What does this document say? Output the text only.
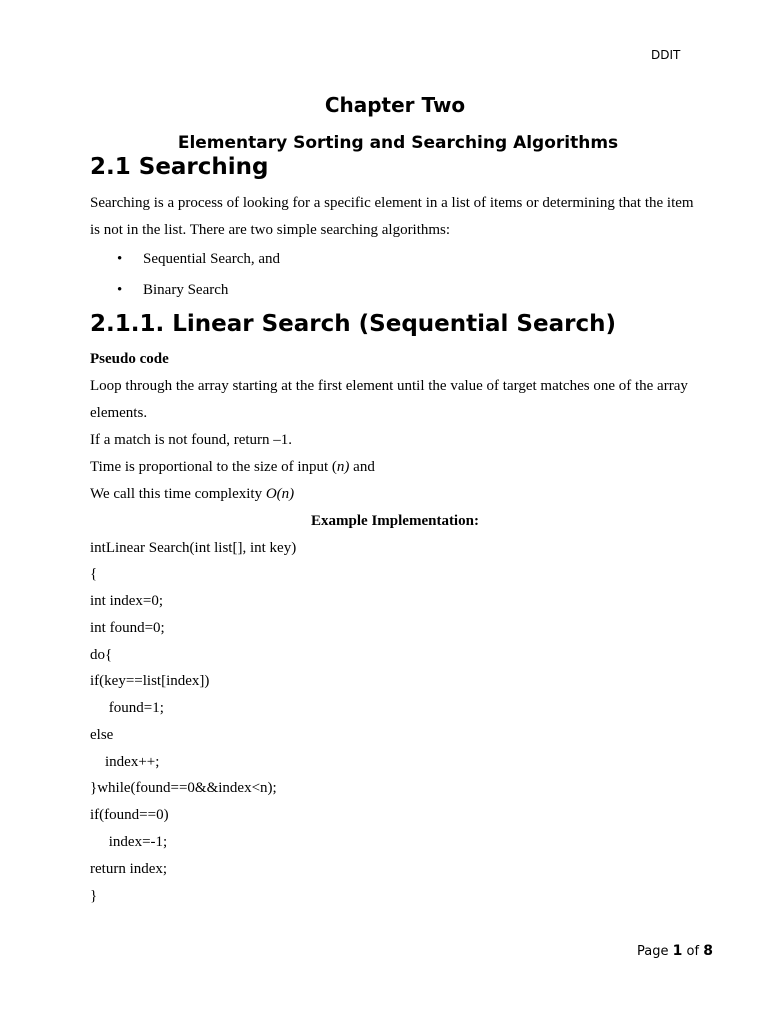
DDIT
Chapter Two
Elementary Sorting and Searching Algorithms
2.1 Searching
Searching is a process of looking for a specific element in a list of items or determining that the item
is not in the list. There are two simple searching algorithms:
• Sequential Search, and
• Binary Search
2.1.1. Linear Search (Sequential Search)
Pseudo code
Loop through the array starting at the first element until the value of target matches one of the array
elements.
If a match is not found, return –1.
Time is proportional to the size of input (n) and
We call this time complexity O(n)
Example Implementation:
intLinear Search(int list[], int key)
{
int index=0;
int found=0;
do{
if(key==list[index])
found=1;
else
index++;
}while(found==0&&index<n);
if(found==0)
index=-1;
return index;
}
Page 1 of 8
